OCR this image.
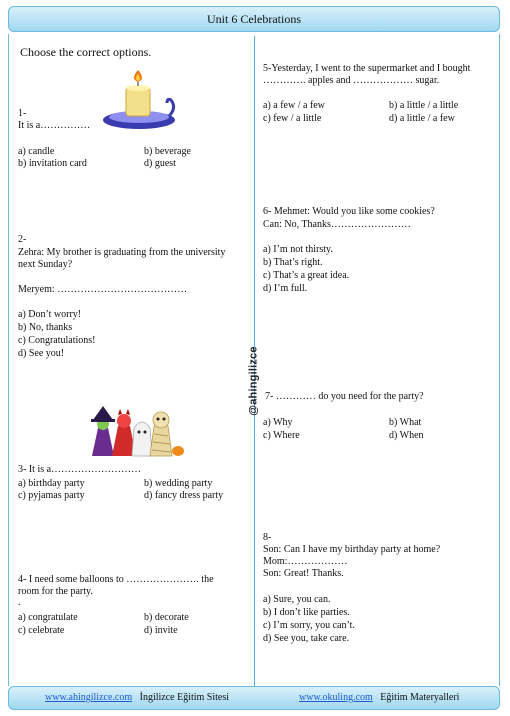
Unit 6 Celebrations
@ahingilizce
Choose the correct options.
1-
It is a……………
a) candle	b) beverage
b) invitation card	d) guest
2-
Zehra: My brother is graduating from the university
next Sunday?
Meryem: …………………………………
a) Don’t worry!
b) No, thanks
c) Congratulations!
d) See you!
3- It is a………………………
a) birthday party	b) wedding party
c) pyjamas party	d) fancy dress party
4- I need some balloons to …………………. the
room for the party.
.
a) congratulate	b) decorate
c) celebrate	d) invite
5-Yesterday, I went to the supermarket and I bought
…………. apples and ……………… sugar.
a) a few / a few	b) a little / a little
c) few / a little	d) a little / a few
6- Mehmet: Would you like some cookies?
Can: No, Thanks……………………
a) I’m not thirsty.
b) That’s right.
c) That’s a great idea.
d) I’m full.
7- ………… do you need for the party?
a) Why	b) What
c) Where	d) When
8-
Son: Can I have my birthday party at home?
Mom:………………
Son: Great! Thanks.
a) Sure, you can.
b) I don’t like parties.
c) I’m sorry, you can’t.
d) See you, take care.
www.ahingilizce.com İngilizce Eğitim Sitesi	www.okuling.com Eğitim Materyalleri
